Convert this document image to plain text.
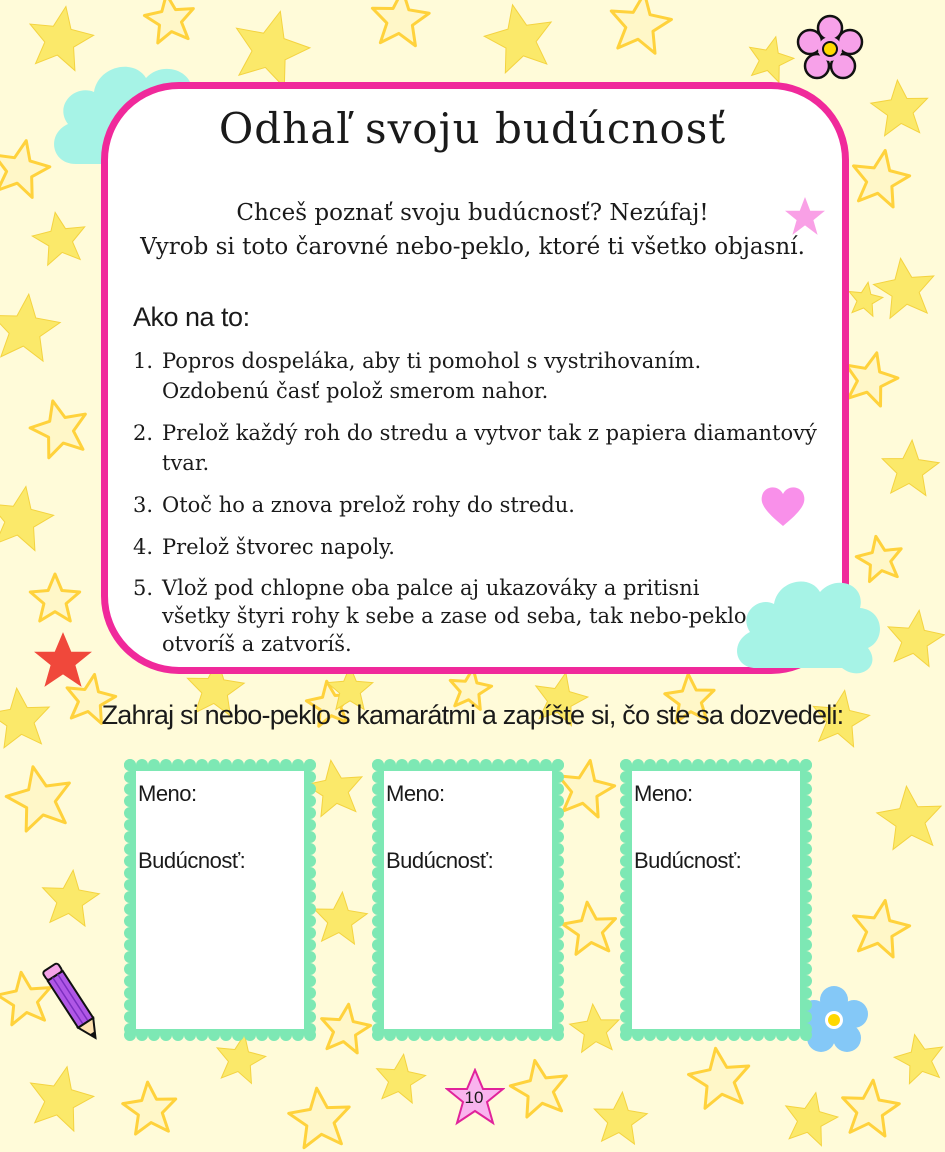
Odhaľ svoju budúcnosť
Chceš poznať svoju budúcnosť? Nezúfaj!
Vyrob si toto čarovné nebo-peklo, ktoré ti všetko objasní.
Ako na to:
1. Popros dospeláka, aby ti pomohol s vystrihovaním.
Ozdobenú časť polož smerom nahor.
2. Prelož každý roh do stredu a vytvor tak z papiera diamantový tvar.
3. Otoč ho a znova prelož rohy do stredu.
4. Prelož štvorec napoly.
5. Vlož pod chlopne oba palce aj ukazováky a pritisni
všetky štyri rohy k sebe a zase od seba, tak nebo-peklo
otvoríš a zatvoríš.
Zahraj si nebo-peklo s kamarátmi a zapíšte si, čo ste sa dozvedeli:
Meno:
Budúcnosť:
Meno:
Budúcnosť:
Meno:
Budúcnosť:
10
